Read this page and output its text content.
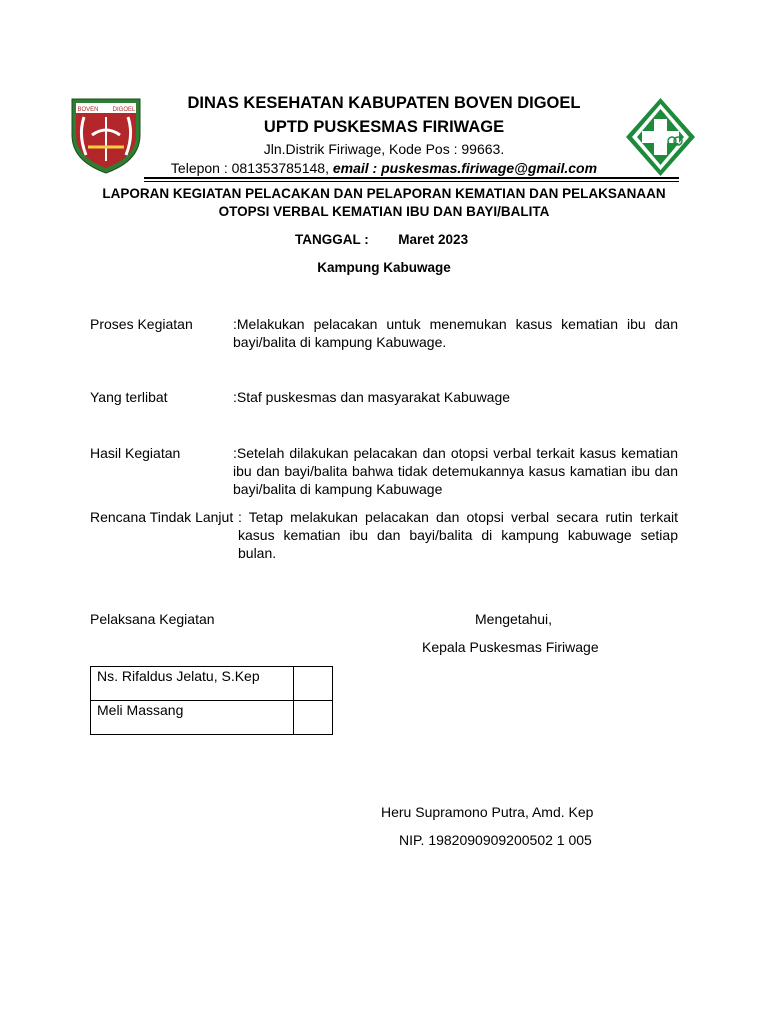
BOVEN DIGOEL	DINAS KESEHATAN KABUPATEN BOVEN DIGOEL
UPTD PUSKESMAS FIRIWAGE
Jln.Distrik Firiwage, Kode Pos : 99663.
Telepon : 081353785148, email : puskesmas.firiwage@gmail.com
LAPORAN KEGIATAN PELACAKAN DAN PELAPORAN KEMATIAN DAN PELAKSANAAN
OTOPSI VERBAL KEMATIAN IBU DAN BAYI/BALITA
TANGGAL : Maret 2023
Kampung Kabuwage
Proses Kegiatan	:Melakukan pelacakan untuk menemukan kasus kematian ibu dan bayi/balita di kampung Kabuwage.
Yang terlibat	:Staf puskesmas dan masyarakat Kabuwage
Hasil Kegiatan	:Setelah dilakukan pelacakan dan otopsi verbal terkait kasus kematian ibu dan bayi/balita bahwa tidak detemukannya kasus kamatian ibu dan bayi/balita di kampung Kabuwage
Rencana Tindak Lanjut : Tetap melakukan pelacakan dan otopsi verbal secara rutin terkait kasus kematian ibu dan bayi/balita di kampung kabuwage setiap bulan.
Pelaksana Kegiatan	Mengetahui,
Kepala Puskesmas Firiwage
Ns. Rifaldus Jelatu, S.Kep	
Meli Massang	
Heru Supramono Putra, Amd. Kep
NIP. 1982090909200502 1 005
